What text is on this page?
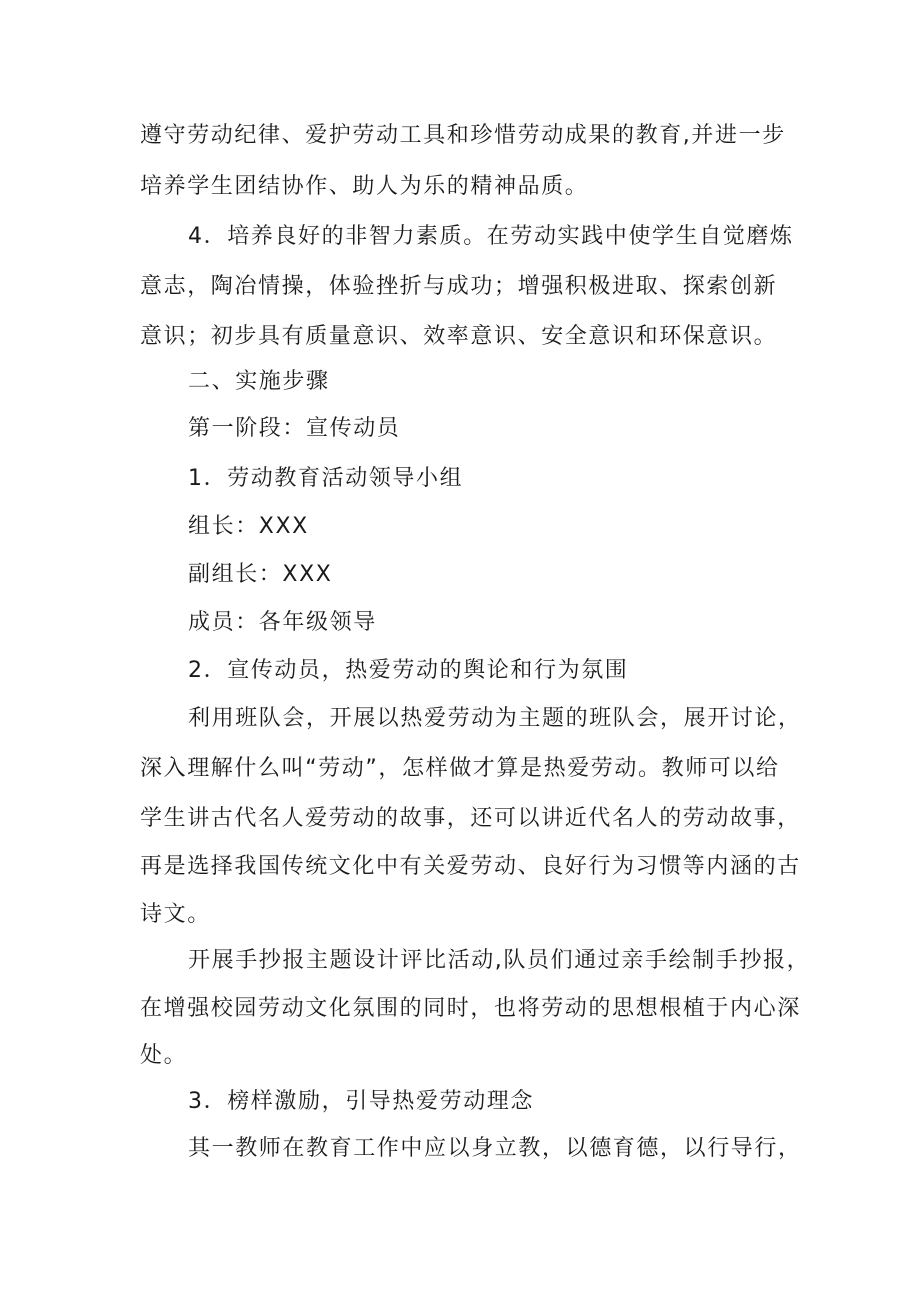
遵守劳动纪律、爱护劳动工具和珍惜劳动成果的教育,并进一步
培养学生团结协作、助人为乐的精神品质。
4．培养良好的非智力素质。在劳动实践中使学生自觉磨炼
意志，陶冶情操，体验挫折与成功；增强积极进取、探索创新
意识；初步具有质量意识、效率意识、安全意识和环保意识。
二、实施步骤
第一阶段：宣传动员
1．劳动教育活动领导小组
组长：XXX
副组长：XXX
成员：各年级领导
2．宣传动员，热爱劳动的舆论和行为氛围
利用班队会，开展以热爱劳动为主题的班队会，展开讨论，
深入理解什么叫“劳动”，怎样做才算是热爱劳动。教师可以给
学生讲古代名人爱劳动的故事，还可以讲近代名人的劳动故事，
再是选择我国传统文化中有关爱劳动、良好行为习惯等内涵的古
诗文。
开展手抄报主题设计评比活动,队员们通过亲手绘制手抄报，
在增强校园劳动文化氛围的同时，也将劳动的思想根植于内心深
处。
3．榜样激励，引导热爱劳动理念
其一教师在教育工作中应以身立教，以德育德，以行导行，
